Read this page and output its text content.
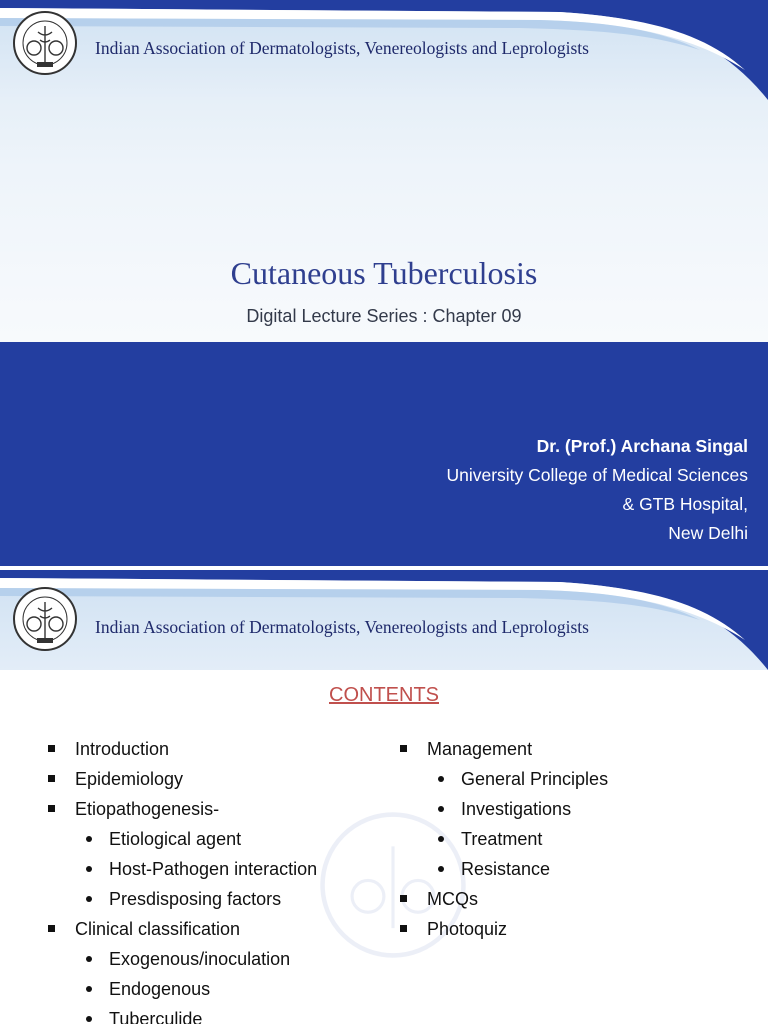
Indian Association of Dermatologists, Venereologists and Leprologists
Cutaneous Tuberculosis
Digital Lecture Series : Chapter 09
Dr. (Prof.) Archana Singal
University College of Medical Sciences
& GTB Hospital,
New Delhi
Indian Association of Dermatologists, Venereologists and Leprologists
CONTENTS
Introduction
Epidemiology
Etiopathogenesis-
Etiological agent
Host-Pathogen interaction
Presdisposing factors
Clinical classification
Exogenous/inoculation
Endogenous
Tuberculide
Management
General Principles
Investigations
Treatment
Resistance
MCQs
Photoquiz
